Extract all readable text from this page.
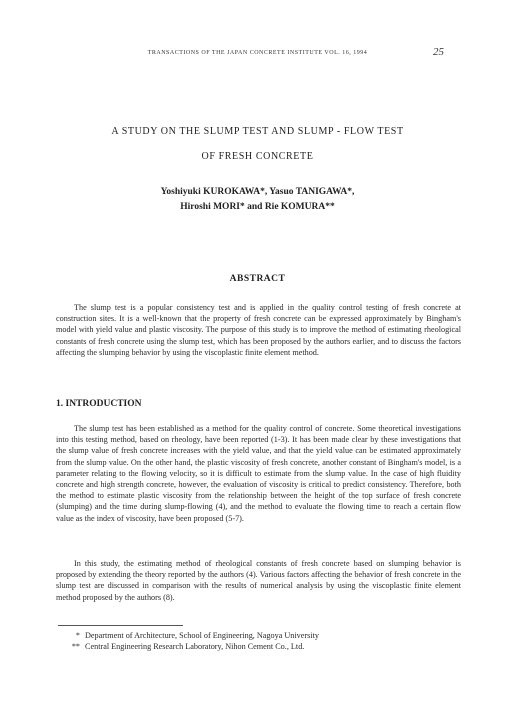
TRANSACTIONS OF THE JAPAN CONCRETE INSTITUTE VOL. 16, 1994	25
A STUDY ON THE SLUMP TEST AND SLUMP - FLOW TEST
OF FRESH CONCRETE
Yoshiyuki KUROKAWA*, Yasuo TANIGAWA*,
Hiroshi MORI* and Rie KOMURA**
ABSTRACT
The slump test is a popular consistency test and is applied in the quality control testing of fresh concrete at construction sites. It is a well-known that the property of fresh concrete can be expressed approximately by Bingham's model with yield value and plastic viscosity. The purpose of this study is to improve the method of estimating rheological constants of fresh concrete using the slump test, which has been proposed by the authors earlier, and to discuss the factors affecting the slumping behavior by using the viscoplastic finite element method.
1. INTRODUCTION
The slump test has been established as a method for the quality control of concrete. Some theoretical investigations into this testing method, based on rheology, have been reported (1-3). It has been made clear by these investigations that the slump value of fresh concrete increases with the yield value, and that the yield value can be estimated approximately from the slump value. On the other hand, the plastic viscosity of fresh concrete, another constant of Bingham's model, is a parameter relating to the flowing velocity, so it is difficult to estimate from the slump value. In the case of high fluidity concrete and high strength concrete, however, the evaluation of viscosity is critical to predict consistency. Therefore, both the method to estimate plastic viscosity from the relationship between the height of the top surface of fresh concrete (slumping) and the time during slump-flowing (4), and the method to evaluate the flowing time to reach a certain flow value as the index of viscosity, have been proposed (5-7).
In this study, the estimating method of rheological constants of fresh concrete based on slumping behavior is proposed by extending the theory reported by the authors (4). Various factors affecting the behavior of fresh concrete in the slump test are discussed in comparison with the results of numerical analysis by using the viscoplastic finite element method proposed by the authors (8).
* Department of Architecture, School of Engineering, Nagoya University
** Central Engineering Research Laboratory, Nihon Cement Co., Ltd.
